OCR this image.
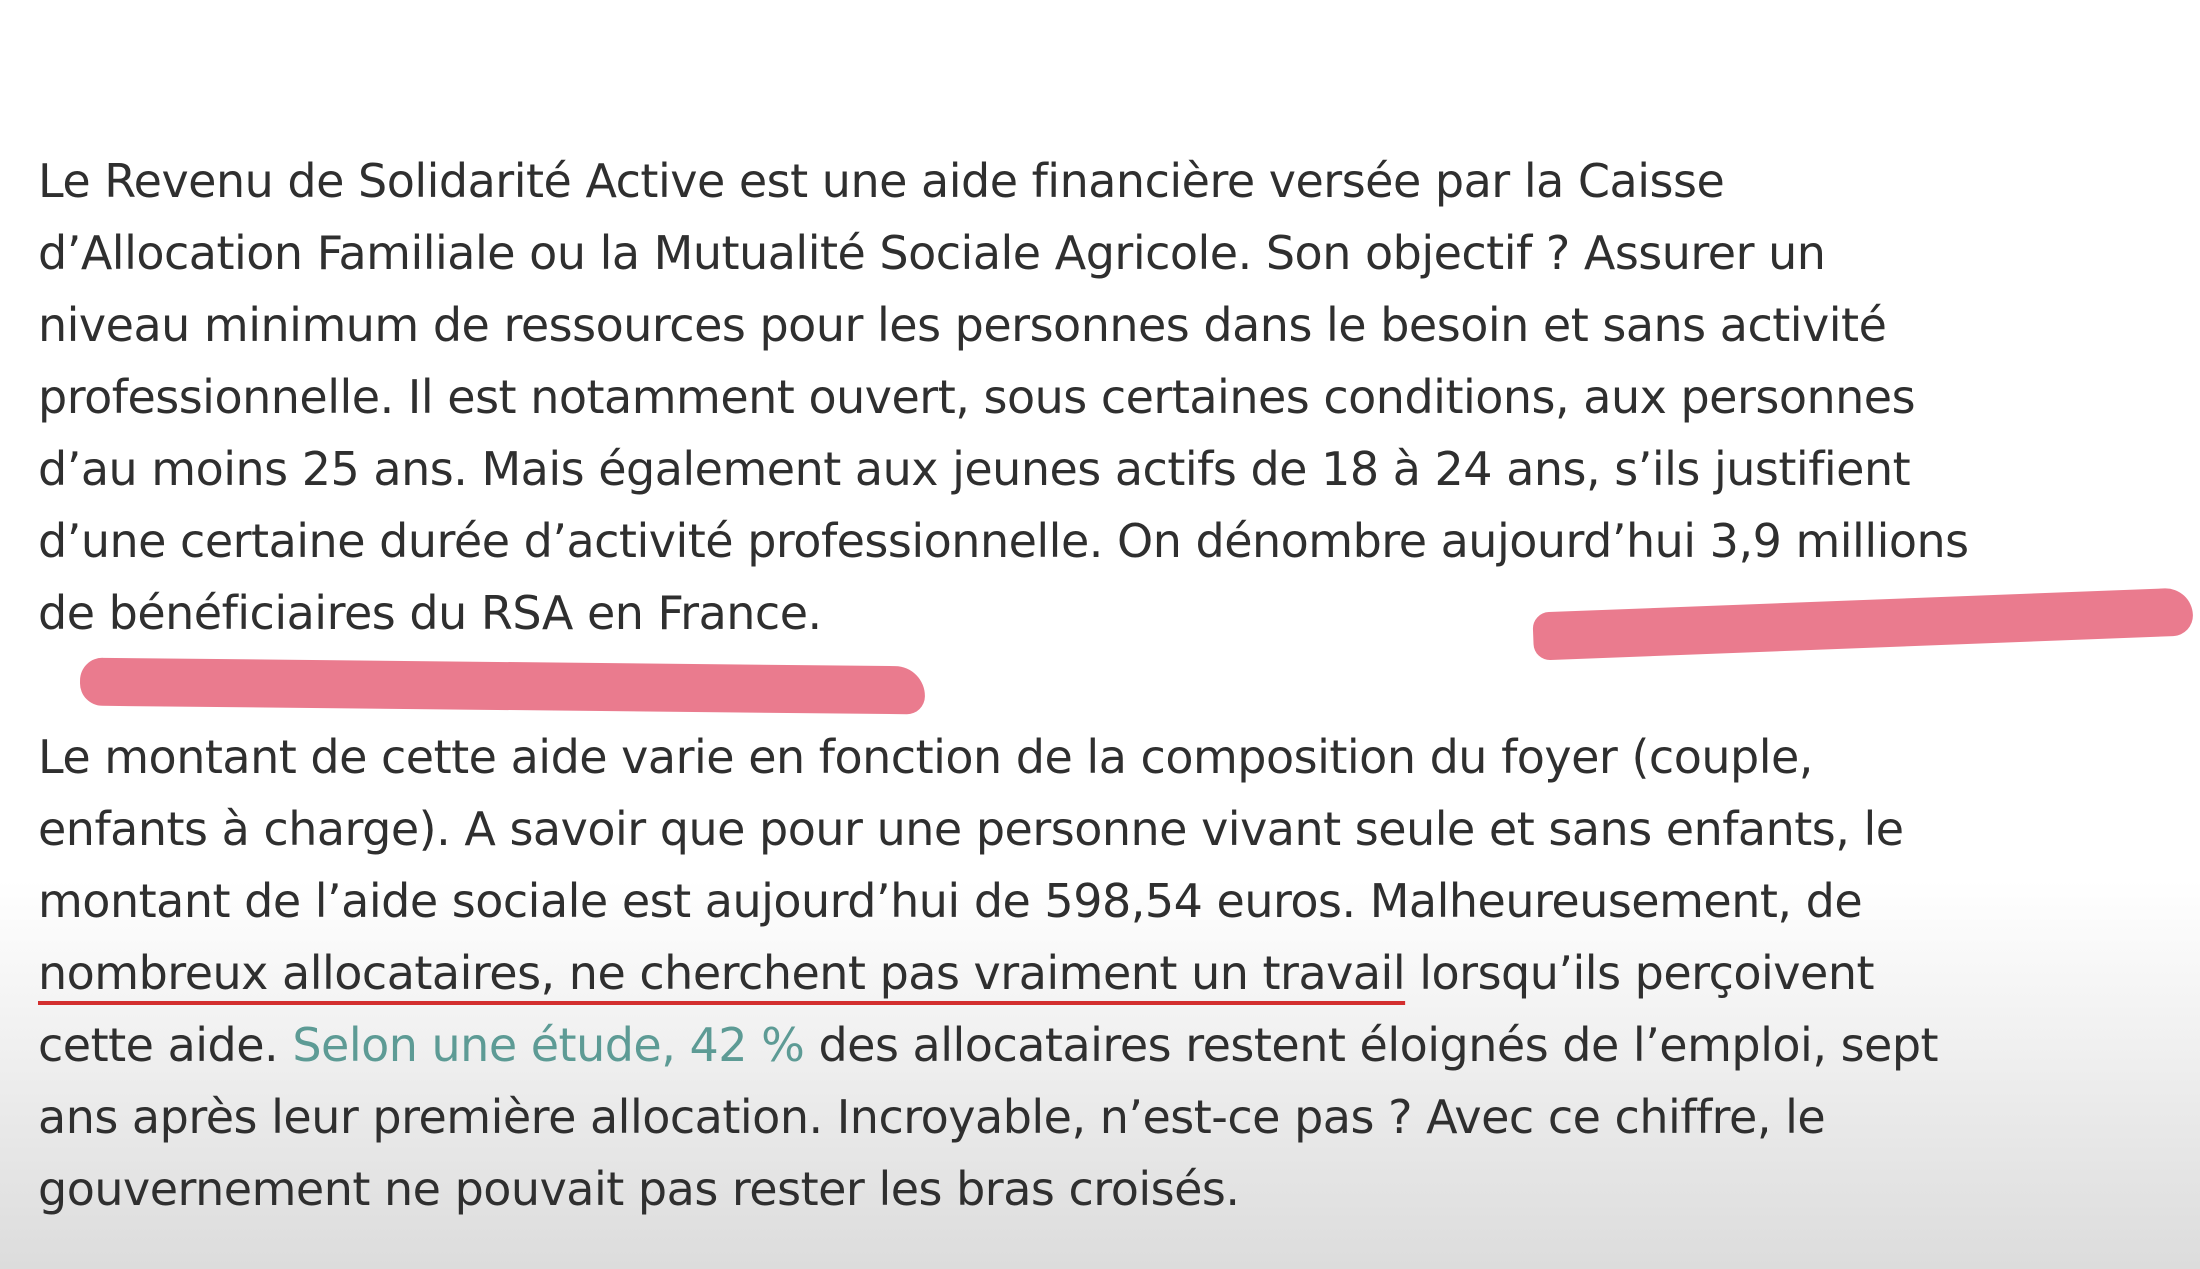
Le Revenu de Solidarité Active est une aide financière versée par la Caisse
d’Allocation Familiale ou la Mutualité Sociale Agricole. Son objectif ? Assurer un
niveau minimum de ressources pour les personnes dans le besoin et sans activité
professionnelle. Il est notamment ouvert, sous certaines conditions, aux personnes
d’au moins 25 ans. Mais également aux jeunes actifs de 18 à 24 ans, s’ils justifient
d’une certaine durée d’activité professionnelle. On dénombre aujourd’hui 3,9 millions
de bénéficiaires du RSA en France.
Le montant de cette aide varie en fonction de la composition du foyer (couple,
enfants à charge). A savoir que pour une personne vivant seule et sans enfants, le
montant de l’aide sociale est aujourd’hui de 598,54 euros. Malheureusement, de
nombreux allocataires, ne cherchent pas vraiment un travail lorsqu’ils perçoivent
cette aide. Selon une étude, 42 % des allocataires restent éloignés de l’emploi, sept
ans après leur première allocation. Incroyable, n’est-ce pas ? Avec ce chiffre, le
gouvernement ne pouvait pas rester les bras croisés.
